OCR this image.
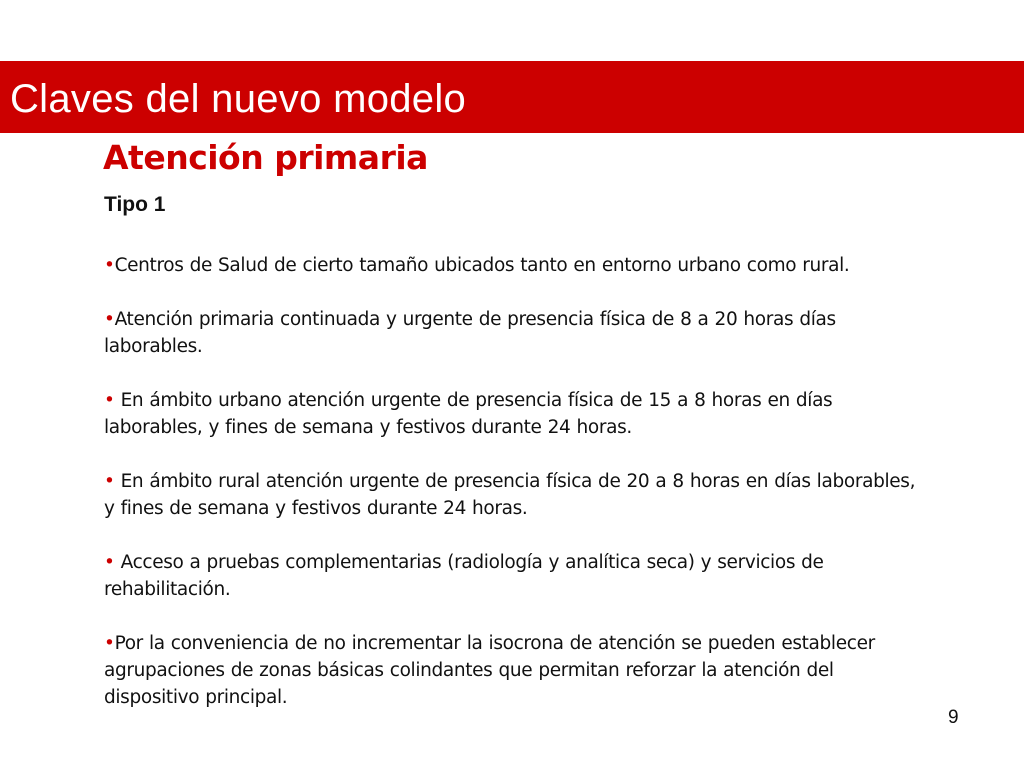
Claves del nuevo modelo
Atención primaria
Tipo 1
•Centros de Salud de cierto tamaño ubicados tanto en entorno urbano como rural.
•Atención primaria continuada y urgente de presencia física de 8 a 20 horas días laborables.
• En ámbito urbano atención urgente de presencia física de 15 a 8 horas en días laborables, y fines de semana y festivos durante 24 horas.
• En ámbito rural atención urgente de presencia física de 20 a 8 horas en días laborables, y fines de semana y festivos durante 24 horas.
• Acceso a pruebas complementarias (radiología y analítica seca) y servicios de rehabilitación.
•Por la conveniencia de no incrementar la isocrona de atención se pueden establecer agrupaciones de zonas básicas colindantes que permitan reforzar la atención del dispositivo principal.
9
